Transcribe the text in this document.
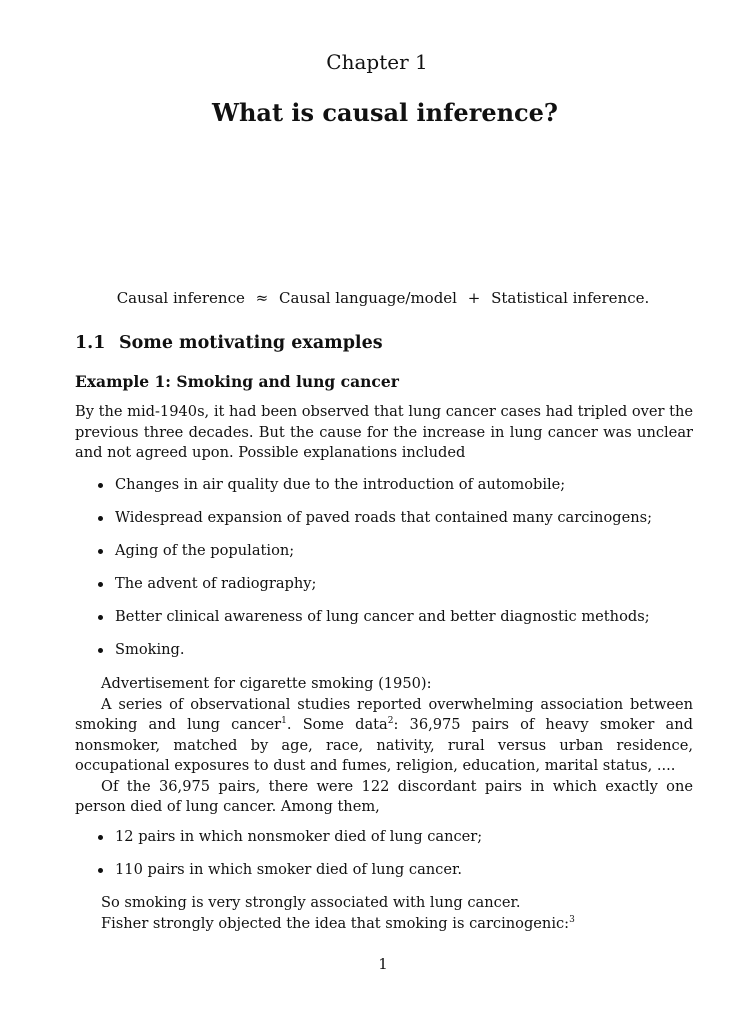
Chapter 1
What is causal inference?
Causal inference ≈ Causal language/model + Statistical inference.
1.1 Some motivating examples
Example 1: Smoking and lung cancer

By the mid-1940s, it had been observed that lung cancer cases had tripled over the previous three decades. But the cause for the increase in lung cancer was unclear and not agreed upon. Possible explanations included

Changes in air quality due to the introduction of automobile;
Widespread expansion of paved roads that contained many carcinogens;
Aging of the population;
The advent of radiography;
Better clinical awareness of lung cancer and better diagnostic methods;
Smoking.

Advertisement for cigarette smoking (1950):

A series of observational studies reported overwhelming association between smoking and lung cancer$^1$. Some data$^2$: 36,975 pairs of heavy smoker and nonsmoker, matched by age, race, nativity, rural versus urban residence, occupational exposures to dust and fumes, religion, education, marital status, ....

Of the 36,975 pairs, there were 122 discordant pairs in which exactly one person died of lung cancer. Among them,

12 pairs in which nonsmoker died of lung cancer;
110 pairs in which smoker died of lung cancer.

So smoking is very strongly associated with lung cancer.

Fisher strongly objected the idea that smoking is carcinogenic:$^3$

1
